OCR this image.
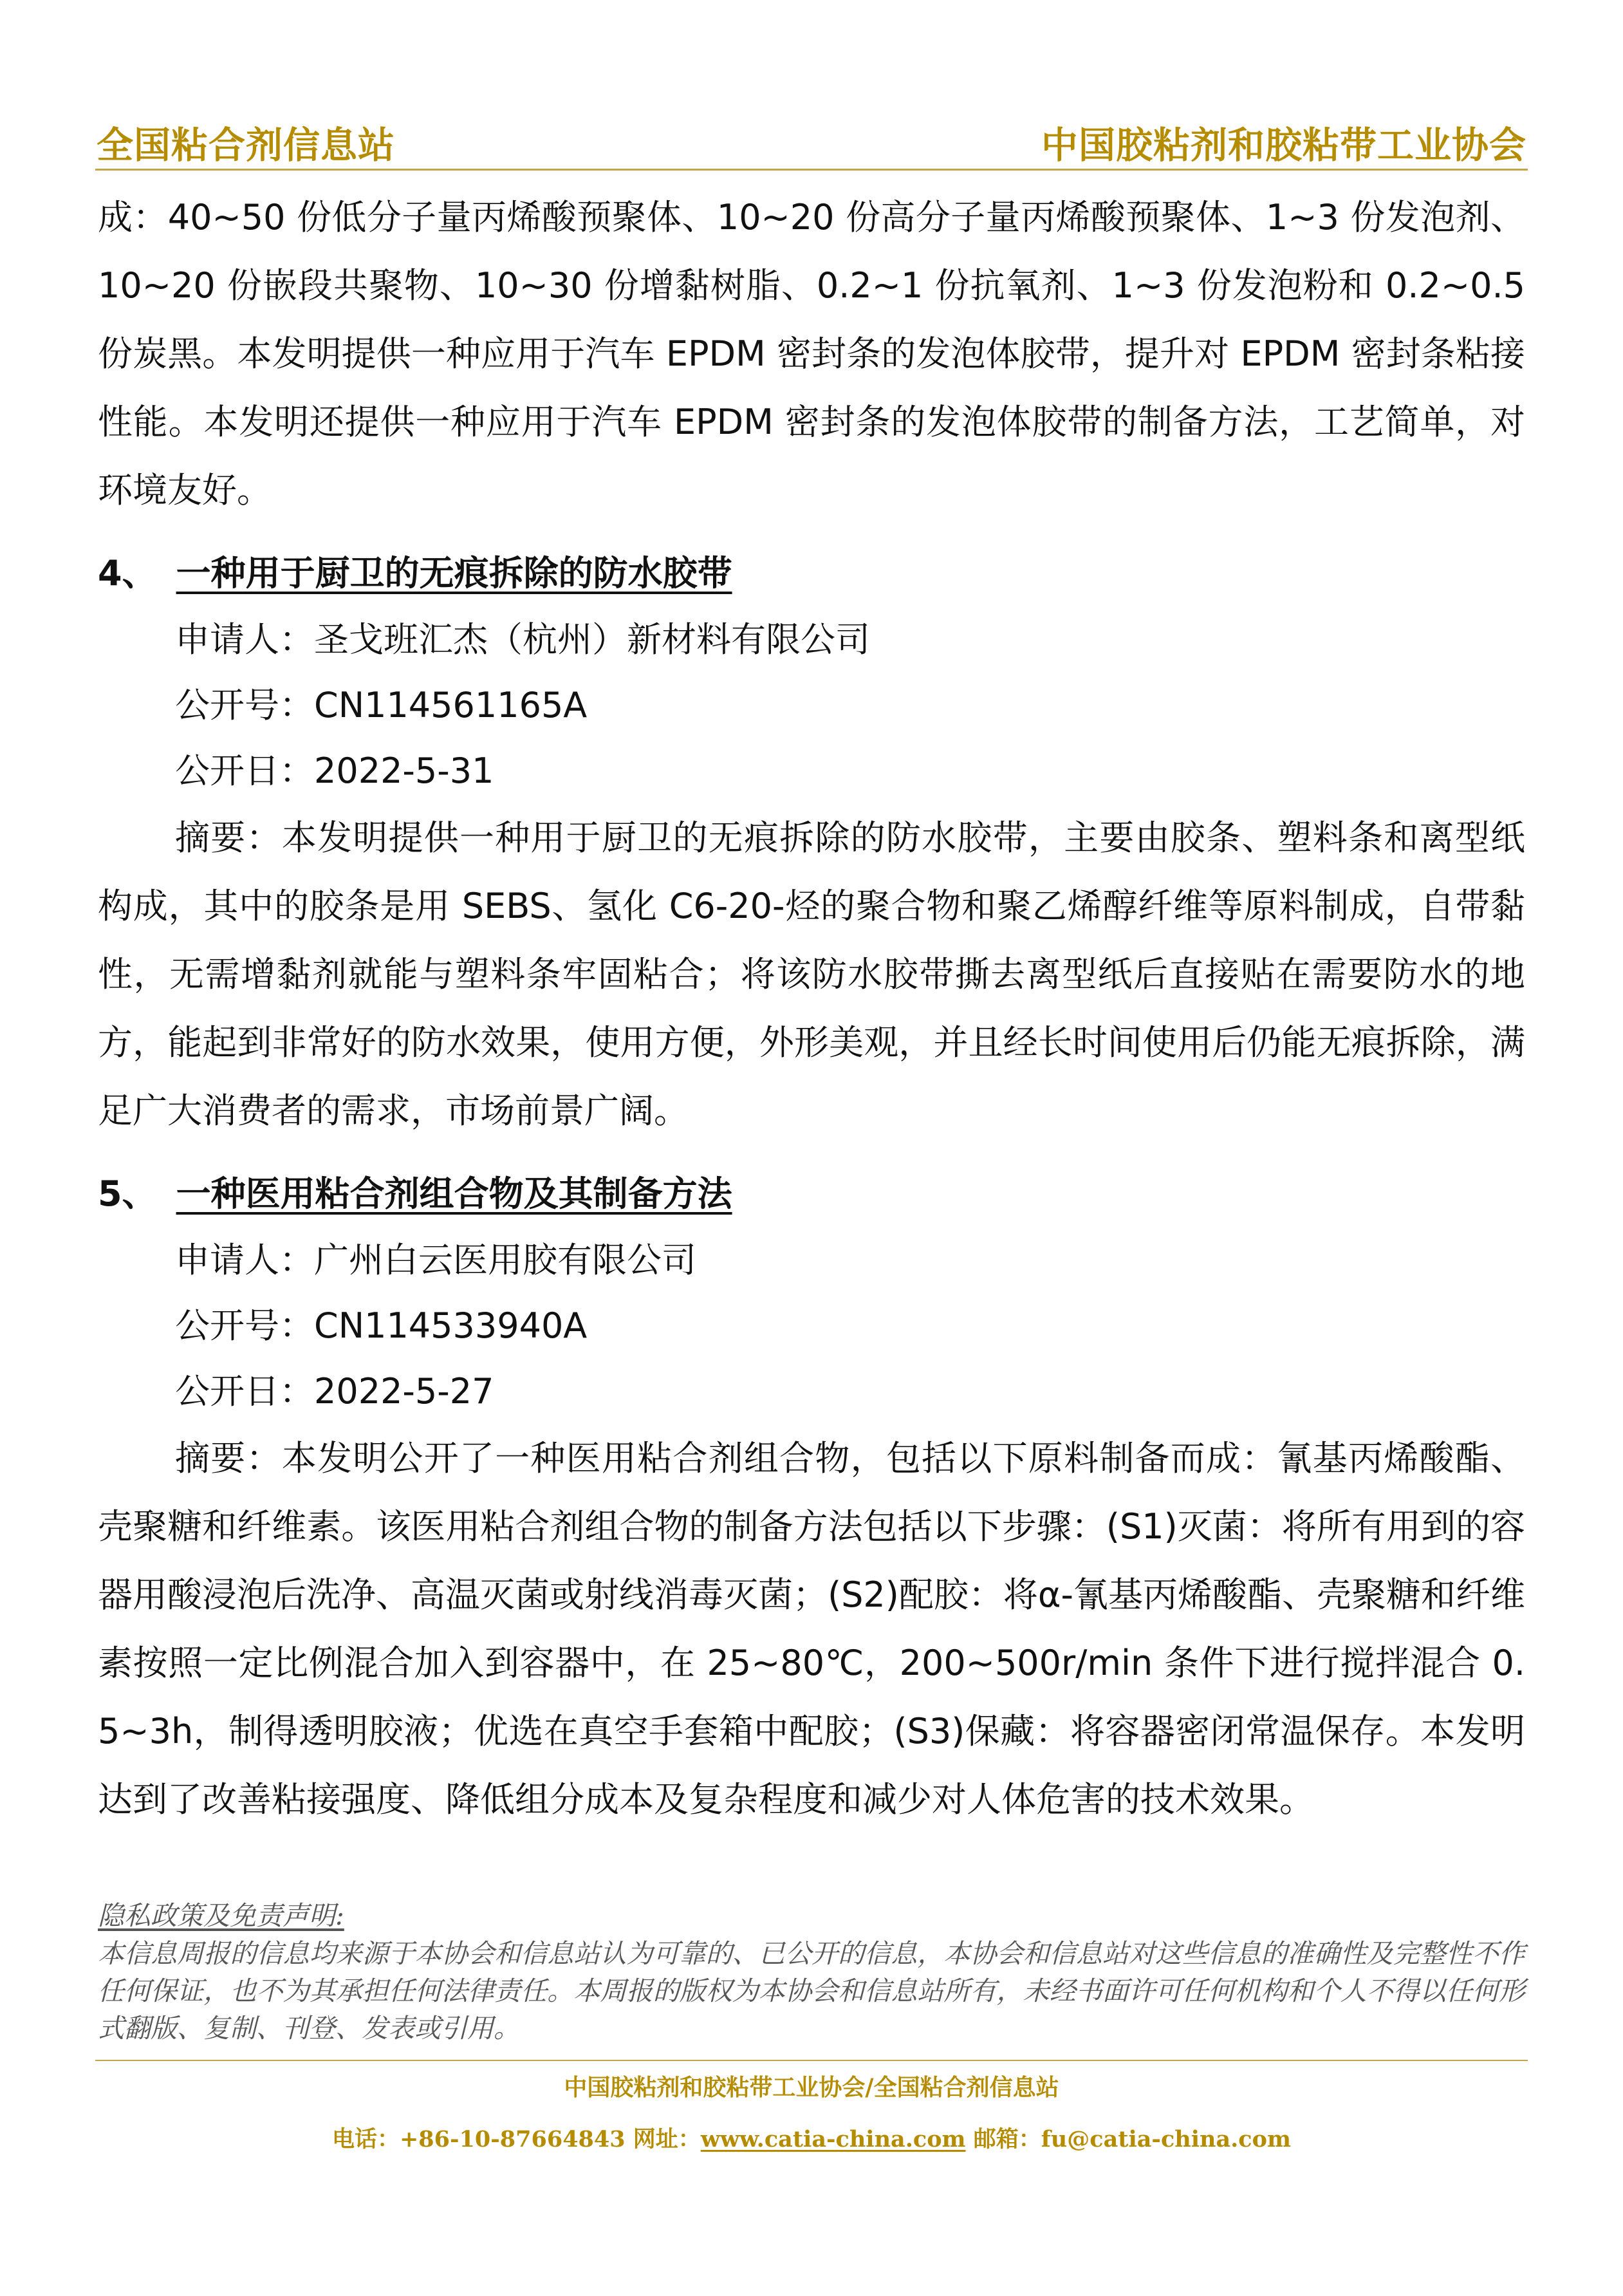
全国粘合剂信息站	中国胶粘剂和胶粘带工业协会

成：40~50 份低分子量丙烯酸预聚体、10~20 份高分子量丙烯酸预聚体、1~3 份发泡剂、10~20 份嵌段共聚物、10~30 份增黏树脂、0.2~1 份抗氧剂、1~3 份发泡粉和 0.2~0.5 份炭黑。本发明提供一种应用于汽车 EPDM 密封条的发泡体胶带，提升对 EPDM 密封条粘接性能。本发明还提供一种应用于汽车 EPDM 密封条的发泡体胶带的制备方法，工艺简单，对环境友好。

4、 一种用于厨卫的无痕拆除的防水胶带

申请人：圣戈班汇杰（杭州）新材料有限公司

公开号：CN114561165A

公开日：2022-5-31

摘要：本发明提供一种用于厨卫的无痕拆除的防水胶带，主要由胶条、塑料条和离型纸构成，其中的胶条是用 SEBS、氢化 C6-20-烃的聚合物和聚乙烯醇纤维等原料制成，自带黏性，无需增黏剂就能与塑料条牢固粘合；将该防水胶带撕去离型纸后直接贴在需要防水的地方，能起到非常好的防水效果，使用方便，外形美观，并且经长时间使用后仍能无痕拆除，满足广大消费者的需求，市场前景广阔。

5、 一种医用粘合剂组合物及其制备方法

申请人：广州白云医用胶有限公司

公开号：CN114533940A

公开日：2022-5-27

摘要：本发明公开了一种医用粘合剂组合物，包括以下原料制备而成：氰基丙烯酸酯、壳聚糖和纤维素。该医用粘合剂组合物的制备方法包括以下步骤：(S1)灭菌：将所有用到的容器用酸浸泡后洗净、高温灭菌或射线消毒灭菌；(S2)配胶：将α-氰基丙烯酸酯、壳聚糖和纤维素按照一定比例混合加入到容器中，在 25~80℃，200~500r/min 条件下进行搅拌混合 0.5~3h，制得透明胶液；优选在真空手套箱中配胶；(S3)保藏：将容器密闭常温保存。本发明达到了改善粘接强度、降低组分成本及复杂程度和减少对人体危害的技术效果。

隐私政策及免责声明:

本信息周报的信息均来源于本协会和信息站认为可靠的、已公开的信息，本协会和信息站对这些信息的准确性及完整性不作任何保证，也不为其承担任何法律责任。本周报的版权为本协会和信息站所有，未经书面许可任何机构和个人不得以任何形式翻版、复制、刊登、发表或引用。

中国胶粘剂和胶粘带工业协会/全国粘合剂信息站
电话：+86-10-87664843 网址：www.catia-china.com 邮箱：fu@catia-china.com
